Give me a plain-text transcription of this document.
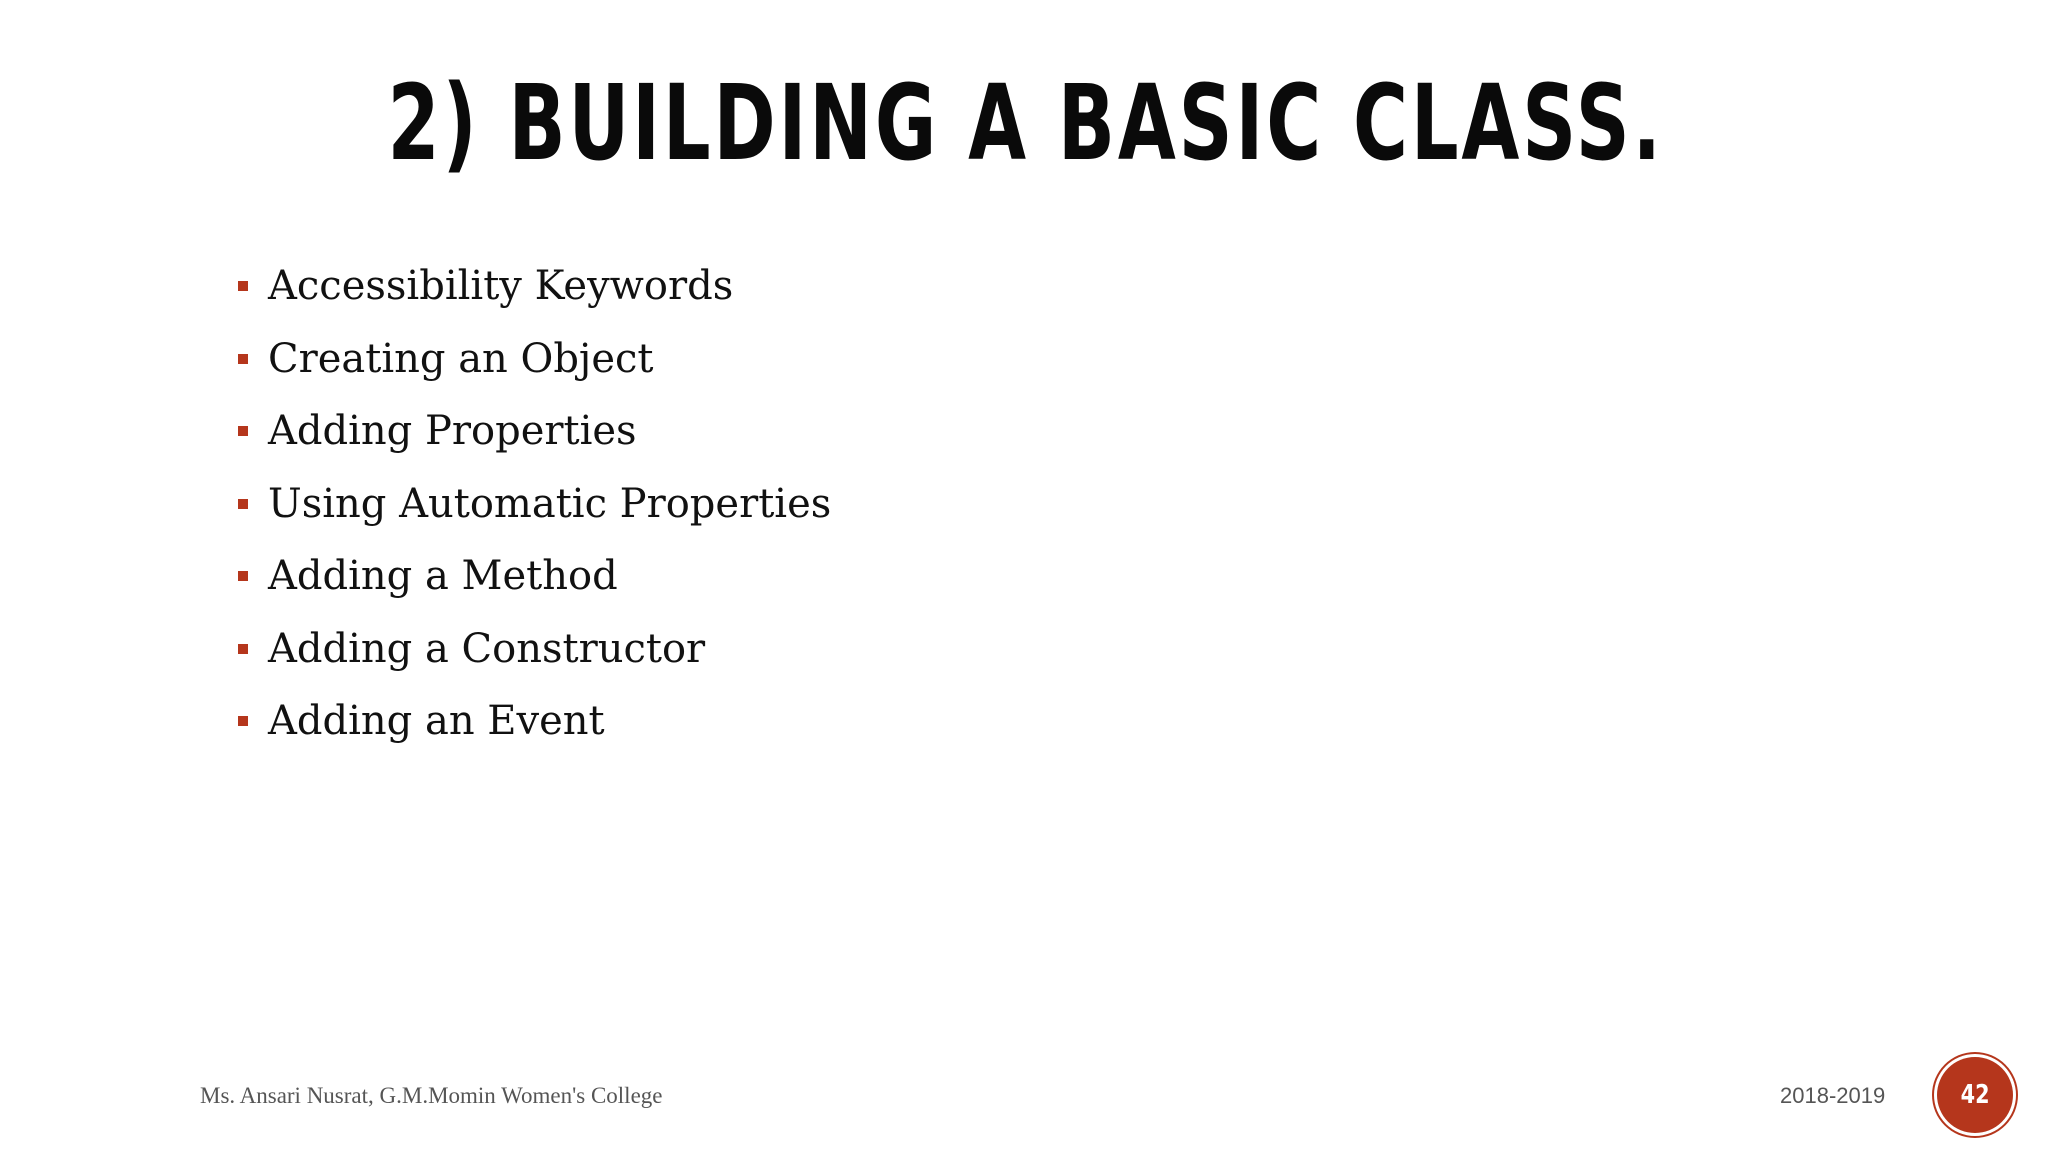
2) BUILDING A BASIC CLASS.
Accessibility Keywords
Creating an Object
Adding Properties
Using Automatic Properties
Adding a Method
Adding a Constructor
Adding an Event
Ms. Ansari Nusrat, G.M.Momin Women's College	2018-2019	42
